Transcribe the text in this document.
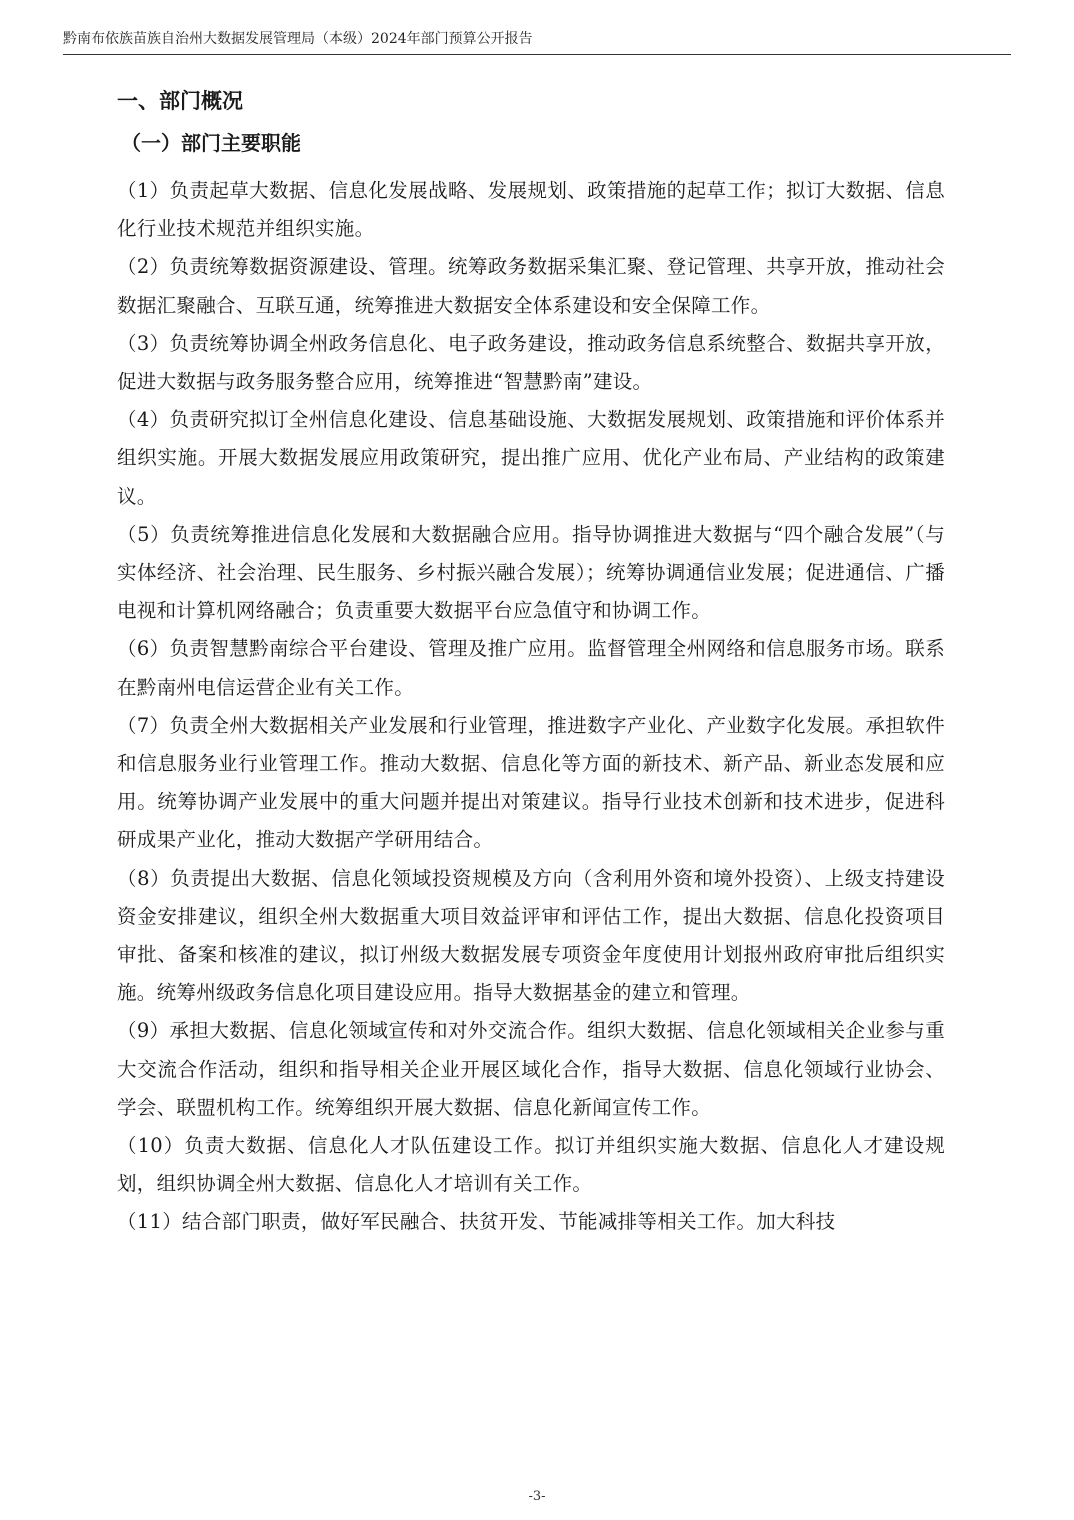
黔南布依族苗族自治州大数据发展管理局（本级）2024年部门预算公开报告
一、部门概况
（一）部门主要职能

（1）负责起草大数据、信息化发展战略、发展规划、政策措施的起草工作；拟订大数据、信息化行业技术规范并组织实施。

（2）负责统筹数据资源建设、管理。统筹政务数据采集汇聚、登记管理、共享开放，推动社会数据汇聚融合、互联互通，统筹推进大数据安全体系建设和安全保障工作。

（3）负责统筹协调全州政务信息化、电子政务建设，推动政务信息系统整合、数据共享开放，促进大数据与政务服务整合应用，统筹推进“智慧黔南”建设。

（4）负责研究拟订全州信息化建设、信息基础设施、大数据发展规划、政策措施和评价体系并组织实施。开展大数据发展应用政策研究，提出推广应用、优化产业布局、产业结构的政策建议。

（5）负责统筹推进信息化发展和大数据融合应用。指导协调推进大数据与“四个融合发展”（与实体经济、社会治理、民生服务、乡村振兴融合发展）；统筹协调通信业发展；促进通信、广播电视和计算机网络融合；负责重要大数据平台应急值守和协调工作。

（6）负责智慧黔南综合平台建设、管理及推广应用。监督管理全州网络和信息服务市场。联系在黔南州电信运营企业有关工作。

（7）负责全州大数据相关产业发展和行业管理，推进数字产业化、产业数字化发展。承担软件和信息服务业行业管理工作。推动大数据、信息化等方面的新技术、新产品、新业态发展和应用。统筹协调产业发展中的重大问题并提出对策建议。指导行业技术创新和技术进步，促进科研成果产业化，推动大数据产学研用结合。

（8）负责提出大数据、信息化领域投资规模及方向（含利用外资和境外投资）、上级支持建设资金安排建议，组织全州大数据重大项目效益评审和评估工作，提出大数据、信息化投资项目审批、备案和核准的建议，拟订州级大数据发展专项资金年度使用计划报州政府审批后组织实施。统筹州级政务信息化项目建设应用。指导大数据基金的建立和管理。

（9）承担大数据、信息化领域宣传和对外交流合作。组织大数据、信息化领域相关企业参与重大交流合作活动，组织和指导相关企业开展区域化合作，指导大数据、信息化领域行业协会、学会、联盟机构工作。统筹组织开展大数据、信息化新闻宣传工作。

（10）负责大数据、信息化人才队伍建设工作。拟订并组织实施大数据、信息化人才建设规划，组织协调全州大数据、信息化人才培训有关工作。

（11）结合部门职责，做好军民融合、扶贫开发、节能减排等相关工作。加大科技

-3-
